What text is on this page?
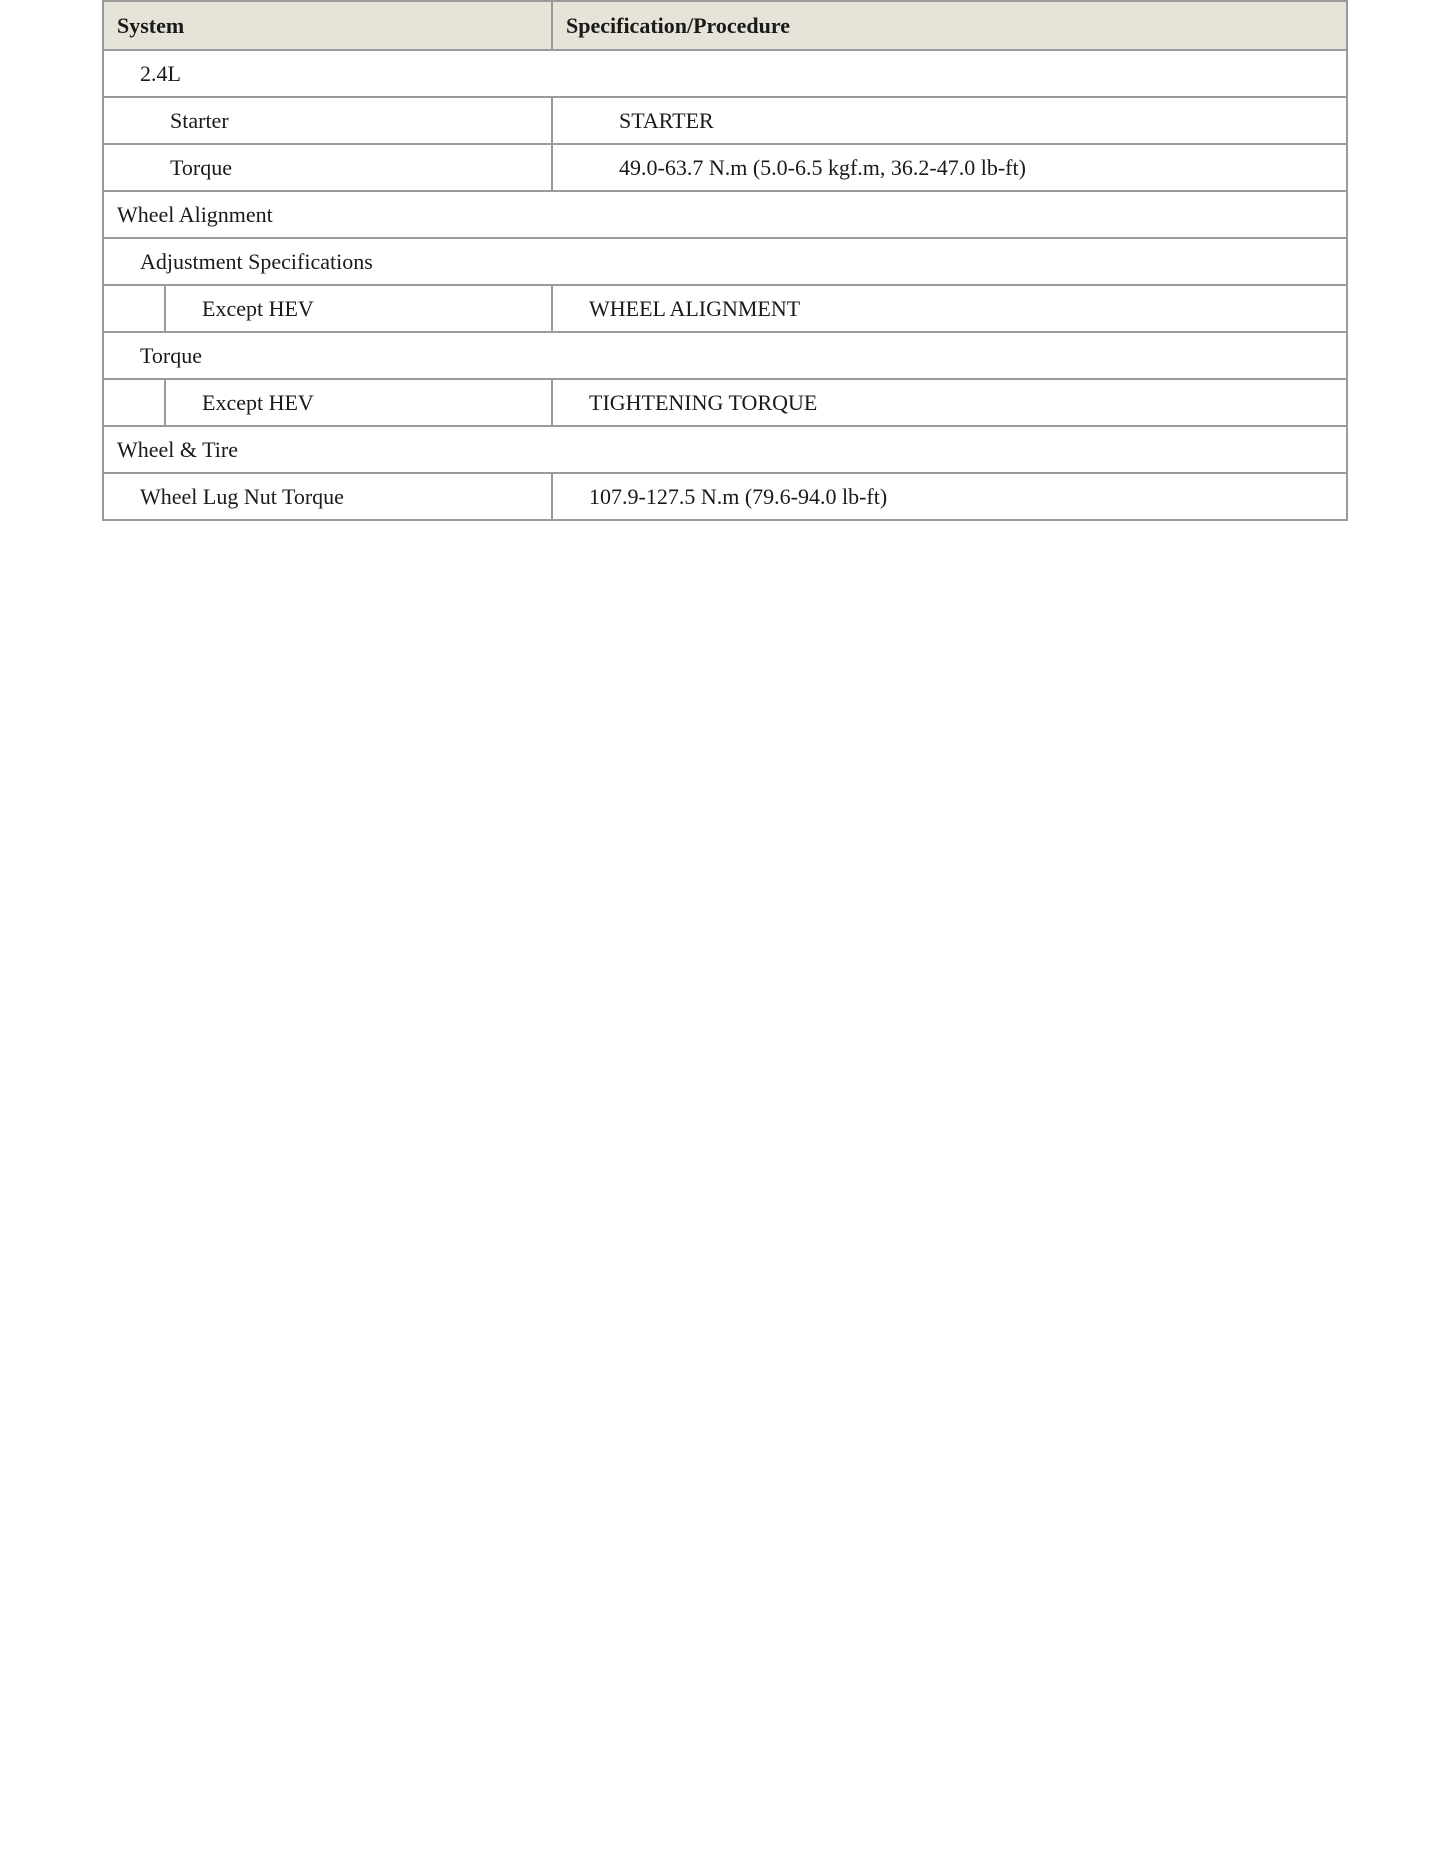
System		Specification/Procedure
2.4L		
Starter		STARTER
Torque		49.0-63.7 N.m (5.0-6.5 kgf.m, 36.2-47.0 lb-ft)
Wheel Alignment		
Adjustment Specifications		
	Except HEV	WHEEL ALIGNMENT
Torque		
	Except HEV	TIGHTENING TORQUE
Wheel & Tire		
Wheel Lug Nut Torque		107.9-127.5 N.m (79.6-94.0 lb-ft)
